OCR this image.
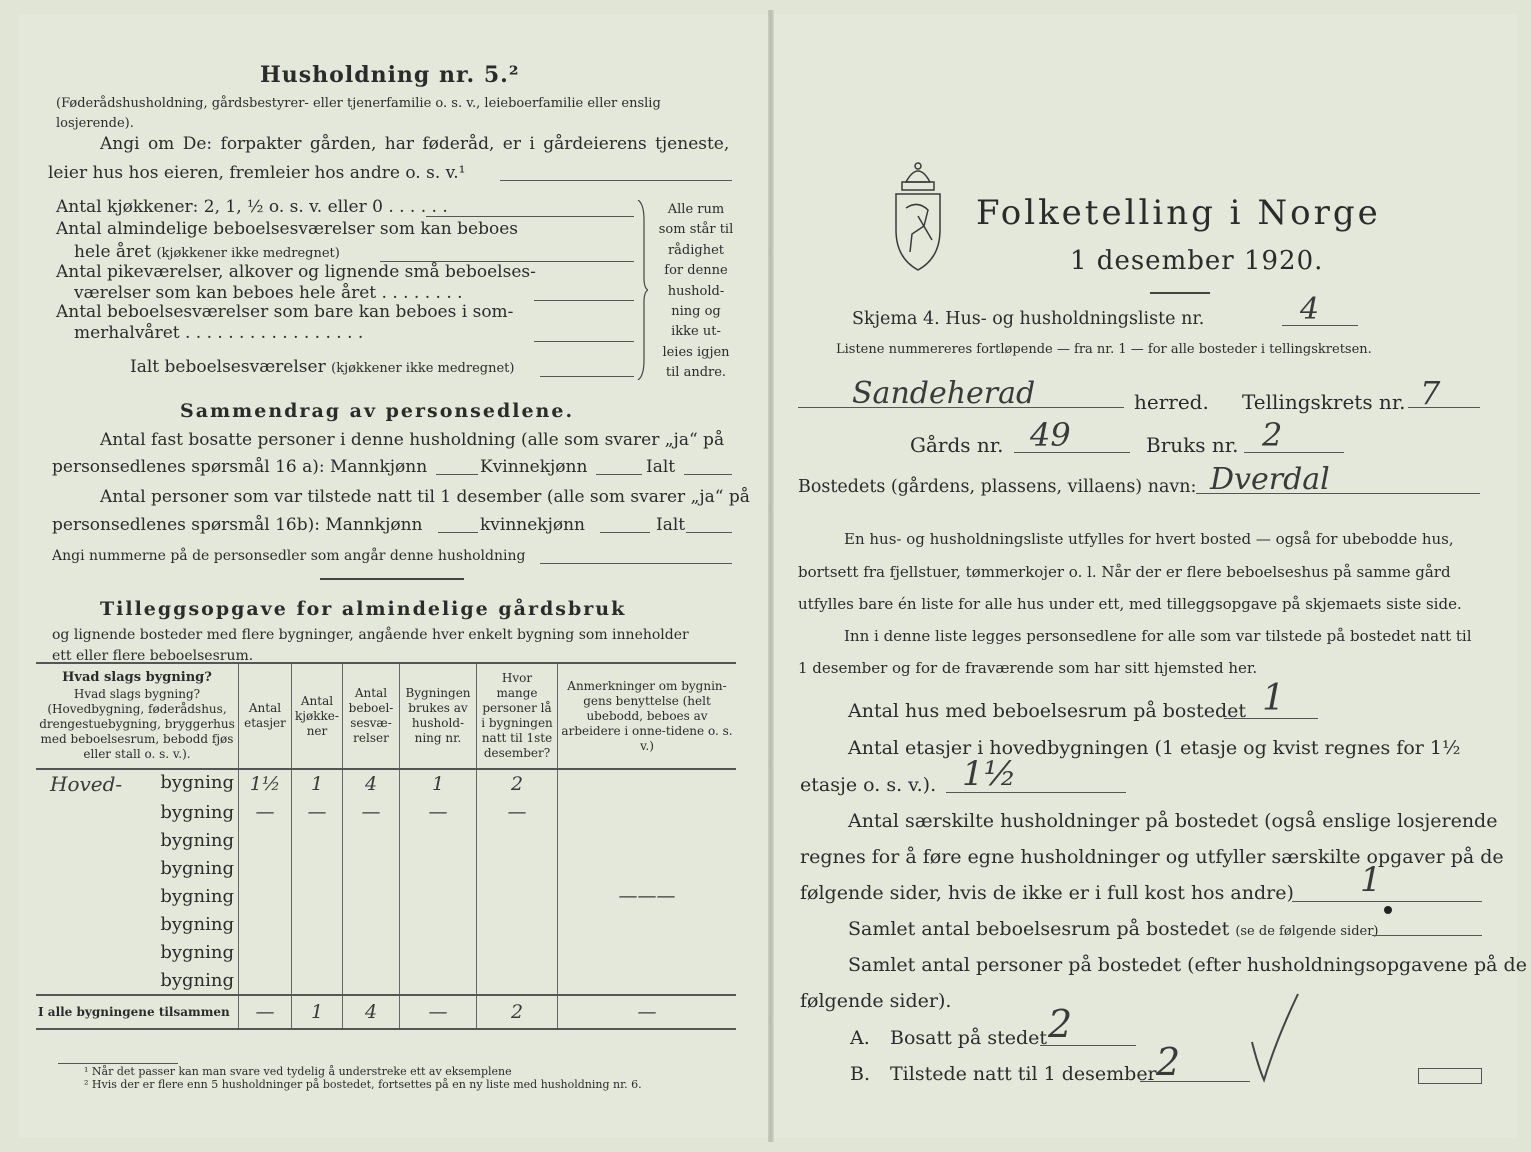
Husholdning nr. 5.²
(Føderådshusholdning, gårdsbestyrer- eller tjenerfamilie o. s. v., leieboerfamilie eller enslig losjerende).
Angi om De: forpakter gården, har føderåd, er i gårdeierens tjeneste,
leier hus hos eieren, fremleier hos andre o. s. v.¹
Antal kjøkkener: 2, 1, ½ o. s. v. eller 0 . . . . . .
Antal almindelige beboelsesværelser som kan beboes
hele året (kjøkkener ikke medregnet)
Antal pikeværelser, alkover og lignende små beboelses-
værelser som kan beboes hele året . . . . . . . .
Antal beboelsesværelser som bare kan beboes i som-
merhalvåret . . . . . . . . . . . . . . . . .
Ialt beboelsesværelser (kjøkkener ikke medregnet)
Alle rum
som står til
rådighet
for denne
hushold-
ning og
ikke ut-
leies igjen
til andre.
Sammendrag av personsedlene.
Antal fast bosatte personer i denne husholdning (alle som svarer „ja“ på
personsedlenes spørsmål 16 a): Mannkjønn	Kvinnekjønn	Ialt
Antal personer som var tilstede natt til 1 desember (alle som svarer „ja“ på
personsedlenes spørsmål 16b): Mannkjønn	kvinnekjønn	Ialt
Angi nummerne på de personsedler som angår denne husholdning
Tilleggsopgave for almindelige gårdsbruk
og lignende bosteder med flere bygninger, angående hver enkelt bygning som inneholder
ett eller flere beboelsesrum.
Hvad slags bygning?
Hvad slags bygning? (Hovedbygning, føderådshus, drengestuebygning, bryggerhus med beboelsesrum, bebodd fjøs eller stall o. s. v.).	Antal etasjer	Antal kjøkke-ner	Antal beboel-sesvæ-relser	Bygningen brukes av hushold-ning nr.	Hvor mange personer lå i bygningen natt til 1ste desember?	Anmerkninger om bygnin-gens benyttelse (helt ubebodd, beboes av arbeidere i onne-tidene o. s. v.)

Hoved- bygning	1½	1	4	1	2	

bygning	—	—	—	—	—	

bygning						

bygning						

bygning						———

bygning						

bygning						

bygning						
I alle bygningene tilsammen	—	1	4	—	2	—
¹ Når det passer kan man svare ved tydelig å understreke ett av eksemplene
² Hvis der er flere enn 5 husholdninger på bostedet, fortsettes på en ny liste med husholdning nr. 6.
Folketelling i Norge
1 desember 1920.
Skjema 4. Hus- og husholdningsliste nr.	4
Listene nummereres fortløpende — fra nr. 1 — for alle bosteder i tellingskretsen.
Sandeherad	herred. Tellingskrets nr. 7
Gårds nr. 49	Bruks nr. 2
Bostedets (gårdens, plassens, villaens) navn: Dverdal
En hus- og husholdningsliste utfylles for hvert bosted — også for ubebodde hus,
bortsett fra fjellstuer, tømmerkojer o. l. Når der er flere beboelseshus på samme gård
utfylles bare én liste for alle hus under ett, med tilleggsopgave på skjemaets siste side.
Inn i denne liste legges personsedlene for alle som var tilstede på bostedet natt til
1 desember og for de fraværende som har sitt hjemsted her.
Antal hus med beboelsesrum på bostedet 1
Antal etasjer i hovedbygningen (1 etasje og kvist regnes for 1½
etasje o. s. v.). 1½
Antal særskilte husholdninger på bostedet (også enslige losjerende
regnes for å føre egne husholdninger og utfyller særskilte opgaver på de
følgende sider, hvis de ikke er i full kost hos andre) 1
Samlet antal beboelsesrum på bostedet (se de følgende sider)
Samlet antal personer på bostedet (efter husholdningsopgavene på de
følgende sider).
A. Bosatt på stedet 2
B. Tilstede natt til 1 desember 2
